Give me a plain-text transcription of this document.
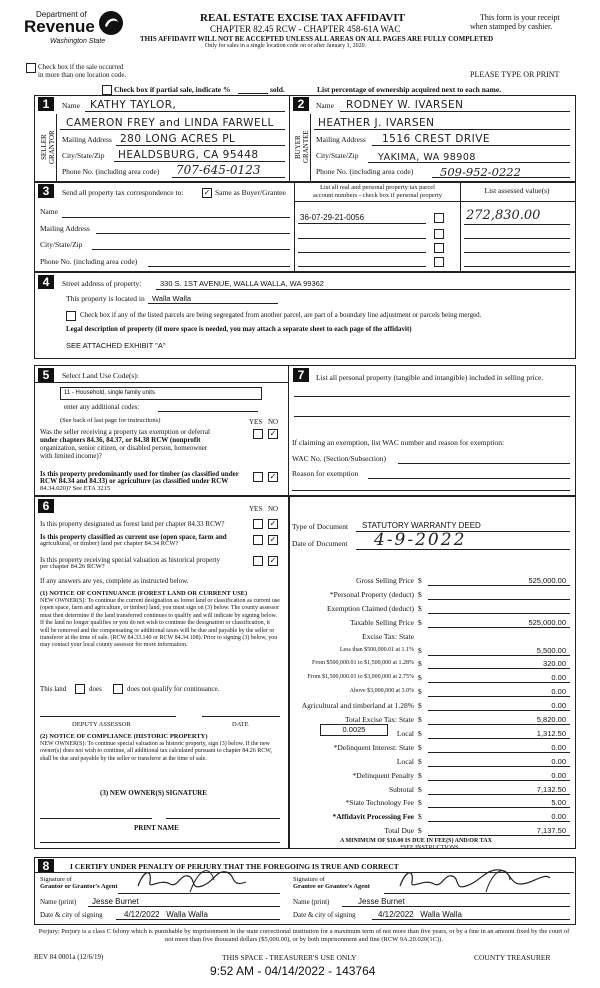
Department of
Revenue
Washington State
REAL ESTATE EXCISE TAX AFFIDAVIT
CHAPTER 82.45 RCW - CHAPTER 458-61A WAC
THIS AFFIDAVIT WILL NOT BE ACCEPTED UNLESS ALL AREAS ON ALL PAGES ARE FULLY COMPLETED
Only for sales in a single location code on or after January 1, 2020.
This form is your receipt
when stamped by cashier.
PLEASE TYPE OR PRINT
Check box if the sale occurred
in more than one location code.
Check box if partial sale, indicate %	sold.	List percentage of ownership acquired next to each name.
1
SELLER GRANTOR
Name KATHY TAYLOR,
CAMERON FREY and LINDA FARWELL
Mailing Address 280 LONG ACRES PL
City/State/Zip HEALDSBURG, CA 95448
Phone No. (including area code) 707-645-0123
2
BUYER GRANTEE
Name RODNEY W. IVARSEN
HEATHER J. IVARSEN
Mailing Address 1516 CREST DRIVE
City/State/Zip YAKIMA, WA 98908
Phone No. (including area code) 509-952-0222
3	Send all property tax correspondence to:	✓ Same as Buyer/Grantee
Name
Mailing Address
City/State/Zip
Phone No. (including area code)
List all real and personal property tax parcel
account numbers - check box if personal property
List assessed value(s)
36-07-29-21-0056	272,830.00
4	Street address of property: 330 S. 1ST AVENUE, WALLA WALLA, WA 99362
This property is located in Walla Walla
Check box if any of the listed parcels are being segregated from another parcel, are part of a boundary line adjustment or parcels being merged.
Legal description of property (if more space is needed, you may attach a separate sheet to each page of the affidavit)
SEE ATTACHED EXHIBIT "A"
5	Select Land Use Code(s):
11 - Household, single family units
enter any additional codes:
(See back of last page for instructions)	YES NO
Was the seller receiving a property tax exemption or deferral
under chapters 84.36, 84.37, or 84.38 RCW (nonprofit
organization, senior citizen, or disabled person, homeowner
with limited income)?
✓
Is this property predominantly used for timber (as classified under
RCW 84.34 and 84.33) or agriculture (as classified under RCW
84.34.020)? See ETA 3215
✓
7	List all personal property (tangible and intangible) included in selling price.
If claiming an exemption, list WAC number and reason for exemption:
WAC No. (Section/Subsection)
Reason for exemption
6	YES NO
Is this property designated as forest land per chapter 84.33 RCW?	✓
Is this property classified as current use (open space, farm and
agricultural, or timber) land per chapter 84.34 RCW?	✓
Is this property receiving special valuation as historical property
per chapter 84.26 RCW?
✓
If any answers are yes, complete as instructed below.
(1) NOTICE OF CONTINUANCE (FOREST LAND OR CURRENT USE)
NEW OWNER(S): To continue the current designation as forest land or classification as current use (open space, farm and agriculture, or timber) land, you must sign on (3) below. The county assessor must then determine if the land transferred continues to qualify and will indicate by signing below. If the land no longer qualifies or you do not wish to continue the designation or classification, it will be removed and the compensating or additional taxes will be due and payable by the seller or transferor at the time of sale. (RCW 84.33.140 or RCW 84.34.108). Prior to signing (3) below, you may contact your local county assessor for more information.
This land	does	does not qualify for continuance.
DEPUTY ASSESSOR	DATE
(2) NOTICE OF COMPLIANCE (HISTORIC PROPERTY)
NEW OWNER(S): To continue special valuation as historic property, sign (3) below. If the new owner(s) does not wish to continue, all additional tax calculated pursuant to chapter 84.26 RCW, shall be due and payable by the seller or transferor at the time of sale.
(3) NEW OWNER(S) SIGNATURE
PRINT NAME
Type of Document STATUTORY WARRANTY DEED
Date of Document 4-9-2022
Gross Selling Price $	525,000.00
*Personal Property (deduct) $
Exemption Claimed (deduct) $
Taxable Selling Price $	525,000.00
Excise Tax: State
Less than $500,000.01 at 1.1% $	5,500.00
From $500,000.01 to $1,500,000 at 1.28% $	320.00
From $1,500,000.01 to $3,000,000 at 2.75% $	0.00
Above $3,000,000 at 3.0% $	0.00
Agricultural and timberland at 1.28% $	0.00
Total Excise Tax: State $	5,820.00
Local $	1,312.50
*Delinquent Interest: State $	0.00
Local $	0.00
*Delinquent Penalty $	0.00
Subtotal $	7,132.50
*State Technology Fee $	5.00
*Affidavit Processing Fee $	0.00
Total Due $	7,137.50
0.0025
A MINIMUM OF $10.00 IS DUE IN FEE(S) AND/OR TAX
*SEE INSTRUCTIONS
8	I CERTIFY UNDER PENALTY OF PERJURY THAT THE FOREGOING IS TRUE AND CORRECT
Signature of
Grantor or Grantor's Agent
Name (print) Jesse Burnet
Date & city of signing	4/12/2022   Walla Walla
Signature of
Grantee or Grantee's Agent
Name (print)	Jesse Burnet
Date & city of signing	4/12/2022   Walla Walla
Perjury: Perjury is a class C felony which is punishable by imprisonment in the state correctional institution for a maximum term of not more than five years, or by a fine in an amount fixed by the court of not more than five thousand dollars ($5,000.00), or by both imprisonment and fine (RCW 9A.20.020(1C)).
REV 84 0001a (12/6/19)	THIS SPACE - TREASURER'S USE ONLY	COUNTY TREASURER
9:52 AM - 04/14/2022 - 143764
